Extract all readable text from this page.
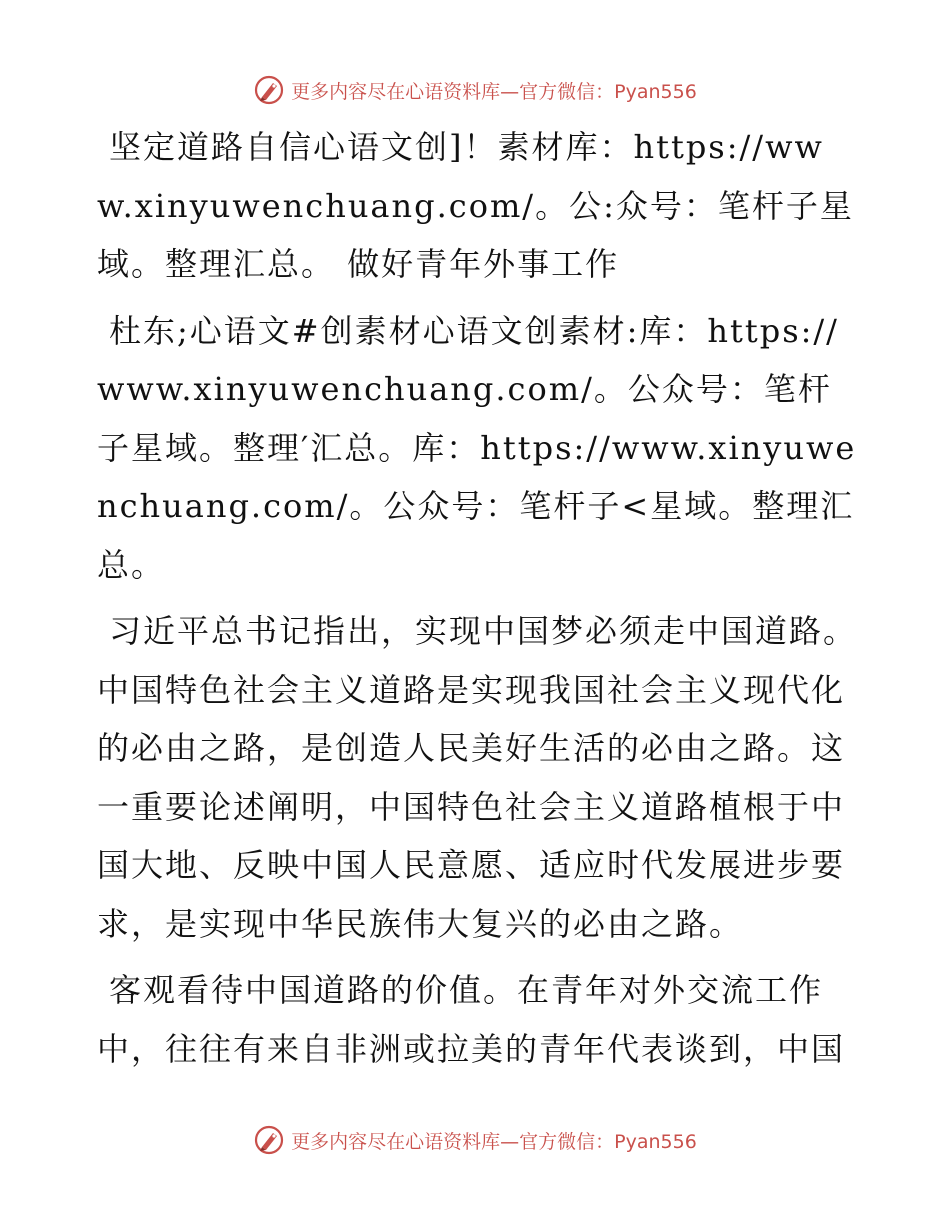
更多内容尽在心语资料库—官方微信：Pyan556

坚定道路自信心语文创]！素材库：https://www.xinyuwenchuang.com/。公:众号：笔杆子星域。整理汇总。 做好青年外事工作

杜东;心语文#创素材心语文创素材:库：https://www.xinyuwenchuang.com/。公众号：笔杆子星域。整理′汇总。库：https://www.xinyuwenchuang.com/。公众号：笔杆子<星域。整理汇总。

习近平总书记指出，实现中国梦必须走中国道路。中国特色社会主义道路是实现我国社会主义现代化的必由之路，是创造人民美好生活的必由之路。这一重要论述阐明，中国特色社会主义道路植根于中国大地、反映中国人民意愿、适应时代发展进步要求，是实现中华民族伟大复兴的必由之路。

客观看待中国道路的价值。在青年对外交流工作中，往往有来自非洲或拉美的青年代表谈到，中国

更多内容尽在心语资料库—官方微信：Pyan556
